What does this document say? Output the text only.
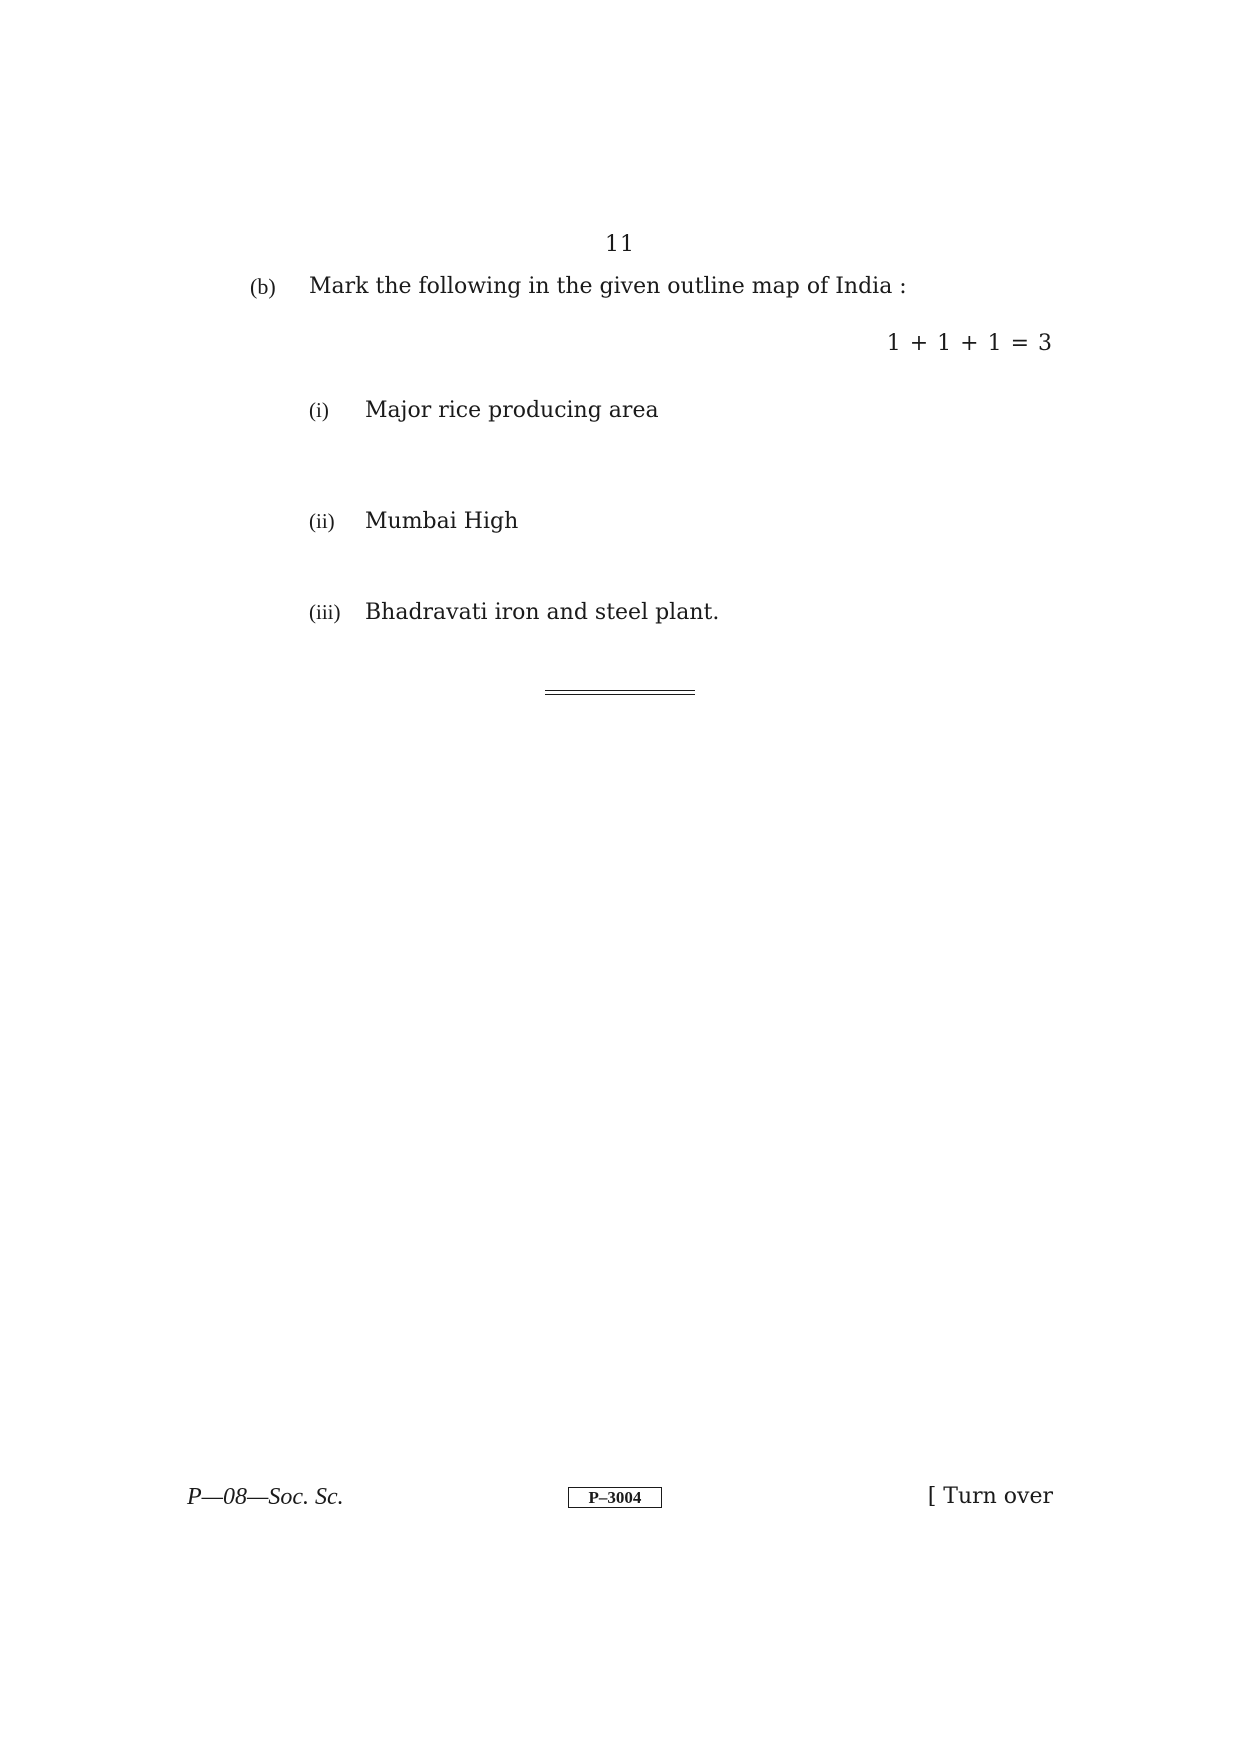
11
(b) Mark the following in the given outline map of India :
1 + 1 + 1 = 3
(i) Major rice producing area
(ii) Mumbai High
(iii) Bhadravati iron and steel plant.
P—08—Soc. Sc.	P–3004	[ Turn over
